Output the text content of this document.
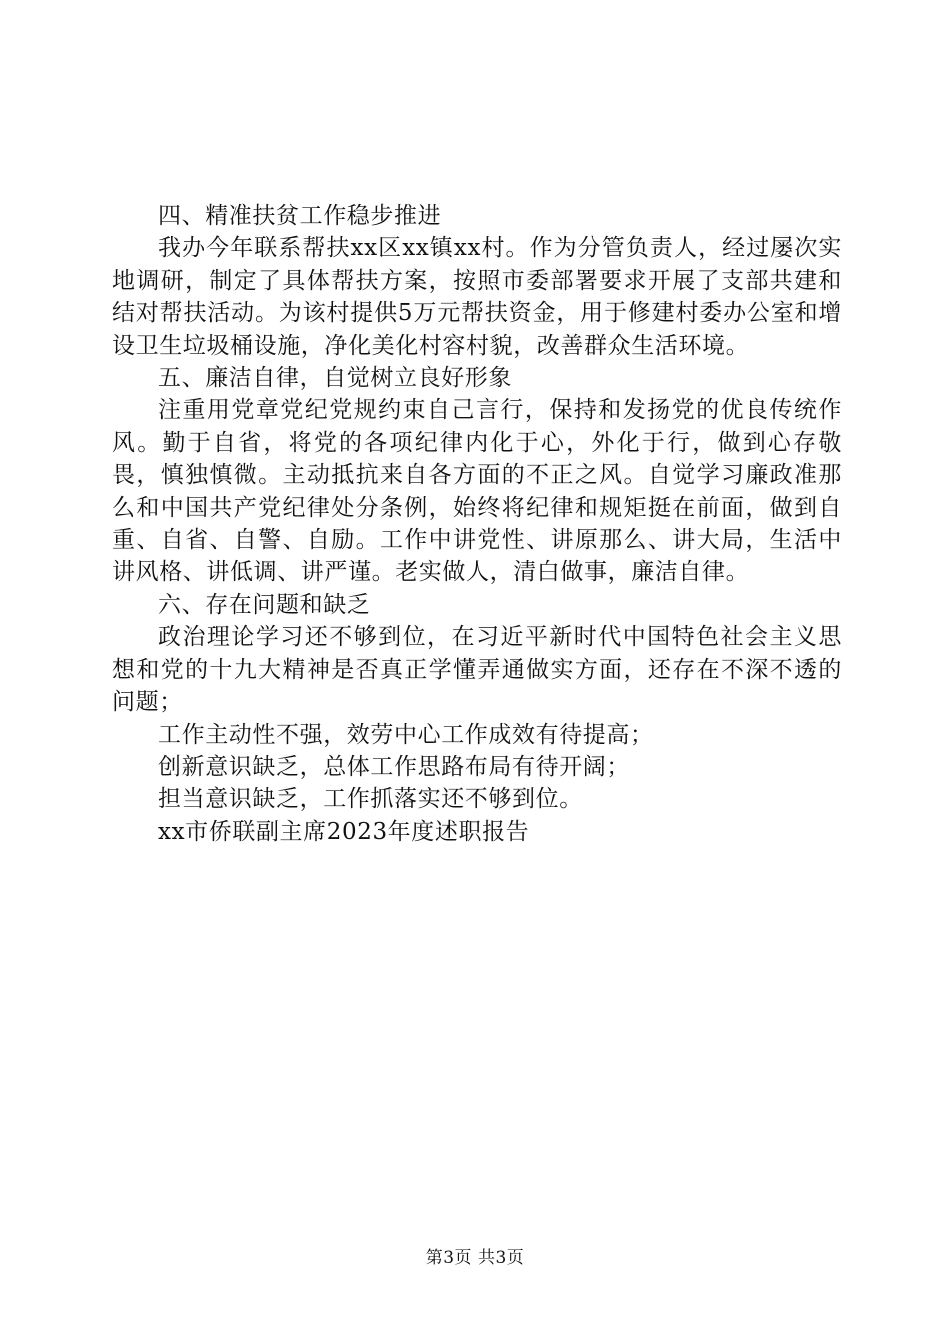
四、精准扶贫工作稳步推进

我办今年联系帮扶xx区xx镇xx村。作为分管负责人，经过屡次实地调研，制定了具体帮扶方案，按照市委部署要求开展了支部共建和结对帮扶活动。为该村提供5万元帮扶资金，用于修建村委办公室和增设卫生垃圾桶设施，净化美化村容村貌，改善群众生活环境。

五、廉洁自律，自觉树立良好形象

注重用党章党纪党规约束自己言行，保持和发扬党的优良传统作风。勤于自省，将党的各项纪律内化于心，外化于行，做到心存敬畏，慎独慎微。主动抵抗来自各方面的不正之风。自觉学习廉政准那么和中国共产党纪律处分条例，始终将纪律和规矩挺在前面，做到自重、自省、自警、自励。工作中讲党性、讲原那么、讲大局，生活中讲风格、讲低调、讲严谨。老实做人，清白做事，廉洁自律。

六、存在问题和缺乏

政治理论学习还不够到位，在习近平新时代中国特色社会主义思想和党的十九大精神是否真正学懂弄通做实方面，还存在不深不透的问题；

工作主动性不强，效劳中心工作成效有待提高；

创新意识缺乏，总体工作思路布局有待开阔；

担当意识缺乏，工作抓落实还不够到位。

xx市侨联副主席2023年度述职报告

第3页 共3页
